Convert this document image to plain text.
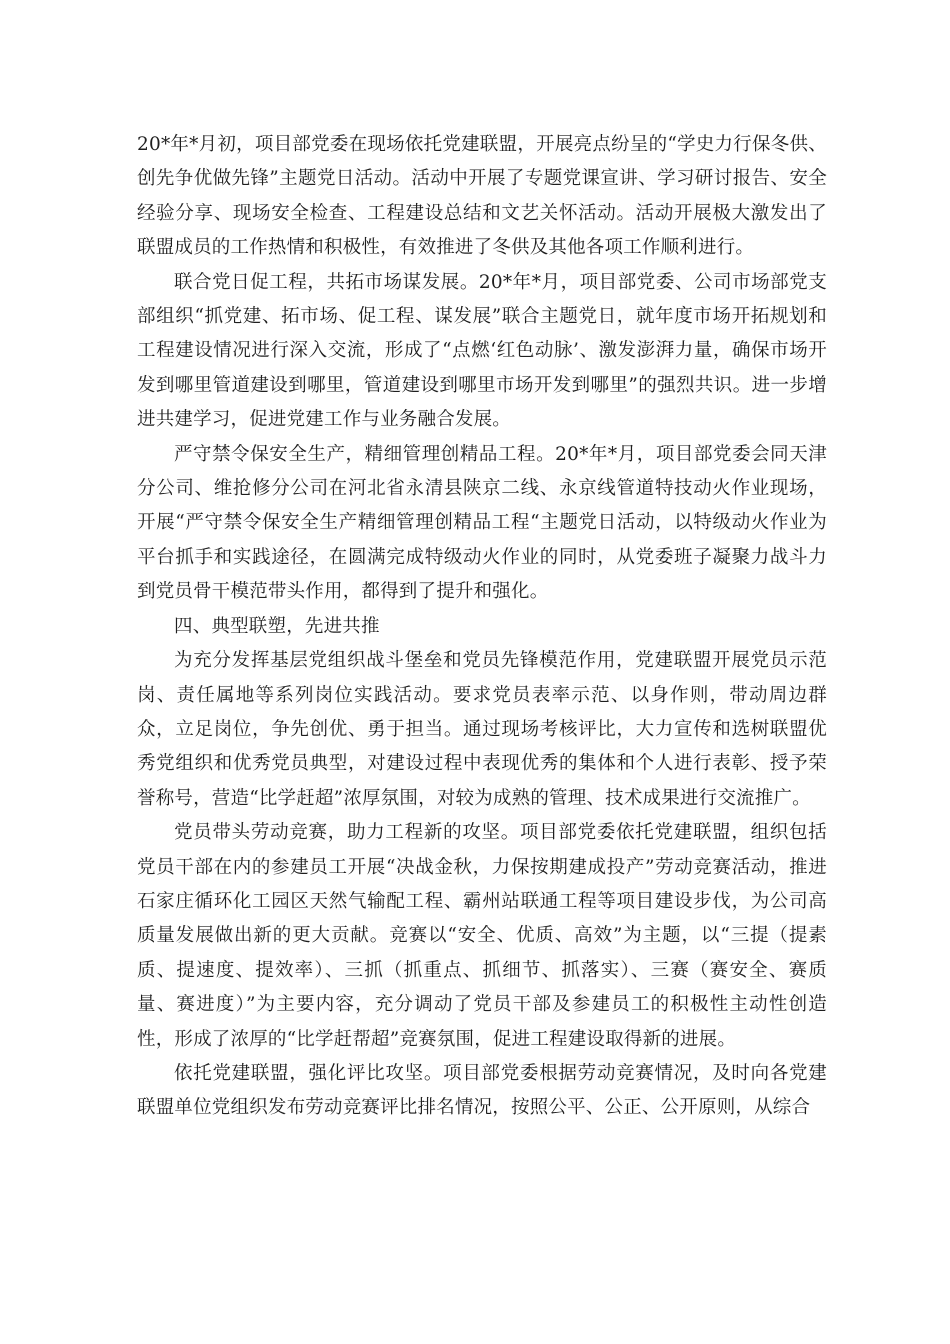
20*年*月初，项目部党委在现场依托党建联盟，开展亮点纷呈的“学史力行保冬供、创先争优做先锋”主题党日活动。活动中开展了专题党课宣讲、学习研讨报告、安全经验分享、现场安全检查、工程建设总结和文艺关怀活动。活动开展极大激发出了联盟成员的工作热情和积极性，有效推进了冬供及其他各项工作顺利进行。

联合党日促工程，共拓市场谋发展。20*年*月，项目部党委、公司市场部党支部组织“抓党建、拓市场、促工程、谋发展”联合主题党日，就年度市场开拓规划和工程建设情况进行深入交流，形成了“点燃‘红色动脉’、激发澎湃力量，确保市场开发到哪里管道建设到哪里，管道建设到哪里市场开发到哪里”的强烈共识。进一步增进共建学习，促进党建工作与业务融合发展。

严守禁令保安全生产，精细管理创精品工程。20*年*月，项目部党委会同天津分公司、维抢修分公司在河北省永清县陕京二线、永京线管道特技动火作业现场，开展“严守禁令保安全生产精细管理创精品工程“主题党日活动，以特级动火作业为平台抓手和实践途径，在圆满完成特级动火作业的同时，从党委班子凝聚力战斗力到党员骨干模范带头作用，都得到了提升和强化。

四、典型联塑，先进共推

为充分发挥基层党组织战斗堡垒和党员先锋模范作用，党建联盟开展党员示范岗、责任属地等系列岗位实践活动。要求党员表率示范、以身作则，带动周边群众，立足岗位，争先创优、勇于担当。通过现场考核评比，大力宣传和选树联盟优秀党组织和优秀党员典型，对建设过程中表现优秀的集体和个人进行表彰、授予荣誉称号，营造“比学赶超”浓厚氛围，对较为成熟的管理、技术成果进行交流推广。

党员带头劳动竞赛，助力工程新的攻坚。项目部党委依托党建联盟，组织包括党员干部在内的参建员工开展“决战金秋，力保按期建成投产”劳动竞赛活动，推进石家庄循环化工园区天然气输配工程、霸州站联通工程等项目建设步伐，为公司高质量发展做出新的更大贡献。竞赛以“安全、优质、高效”为主题，以“三提（提素质、提速度、提效率）、三抓（抓重点、抓细节、抓落实）、三赛（赛安全、赛质量、赛进度）”为主要内容，充分调动了党员干部及参建员工的积极性主动性创造性，形成了浓厚的“比学赶帮超”竞赛氛围，促进工程建设取得新的进展。

依托党建联盟，强化评比攻坚。项目部党委根据劳动竞赛情况，及时向各党建联盟单位党组织发布劳动竞赛评比排名情况，按照公平、公正、公开原则，从综合
